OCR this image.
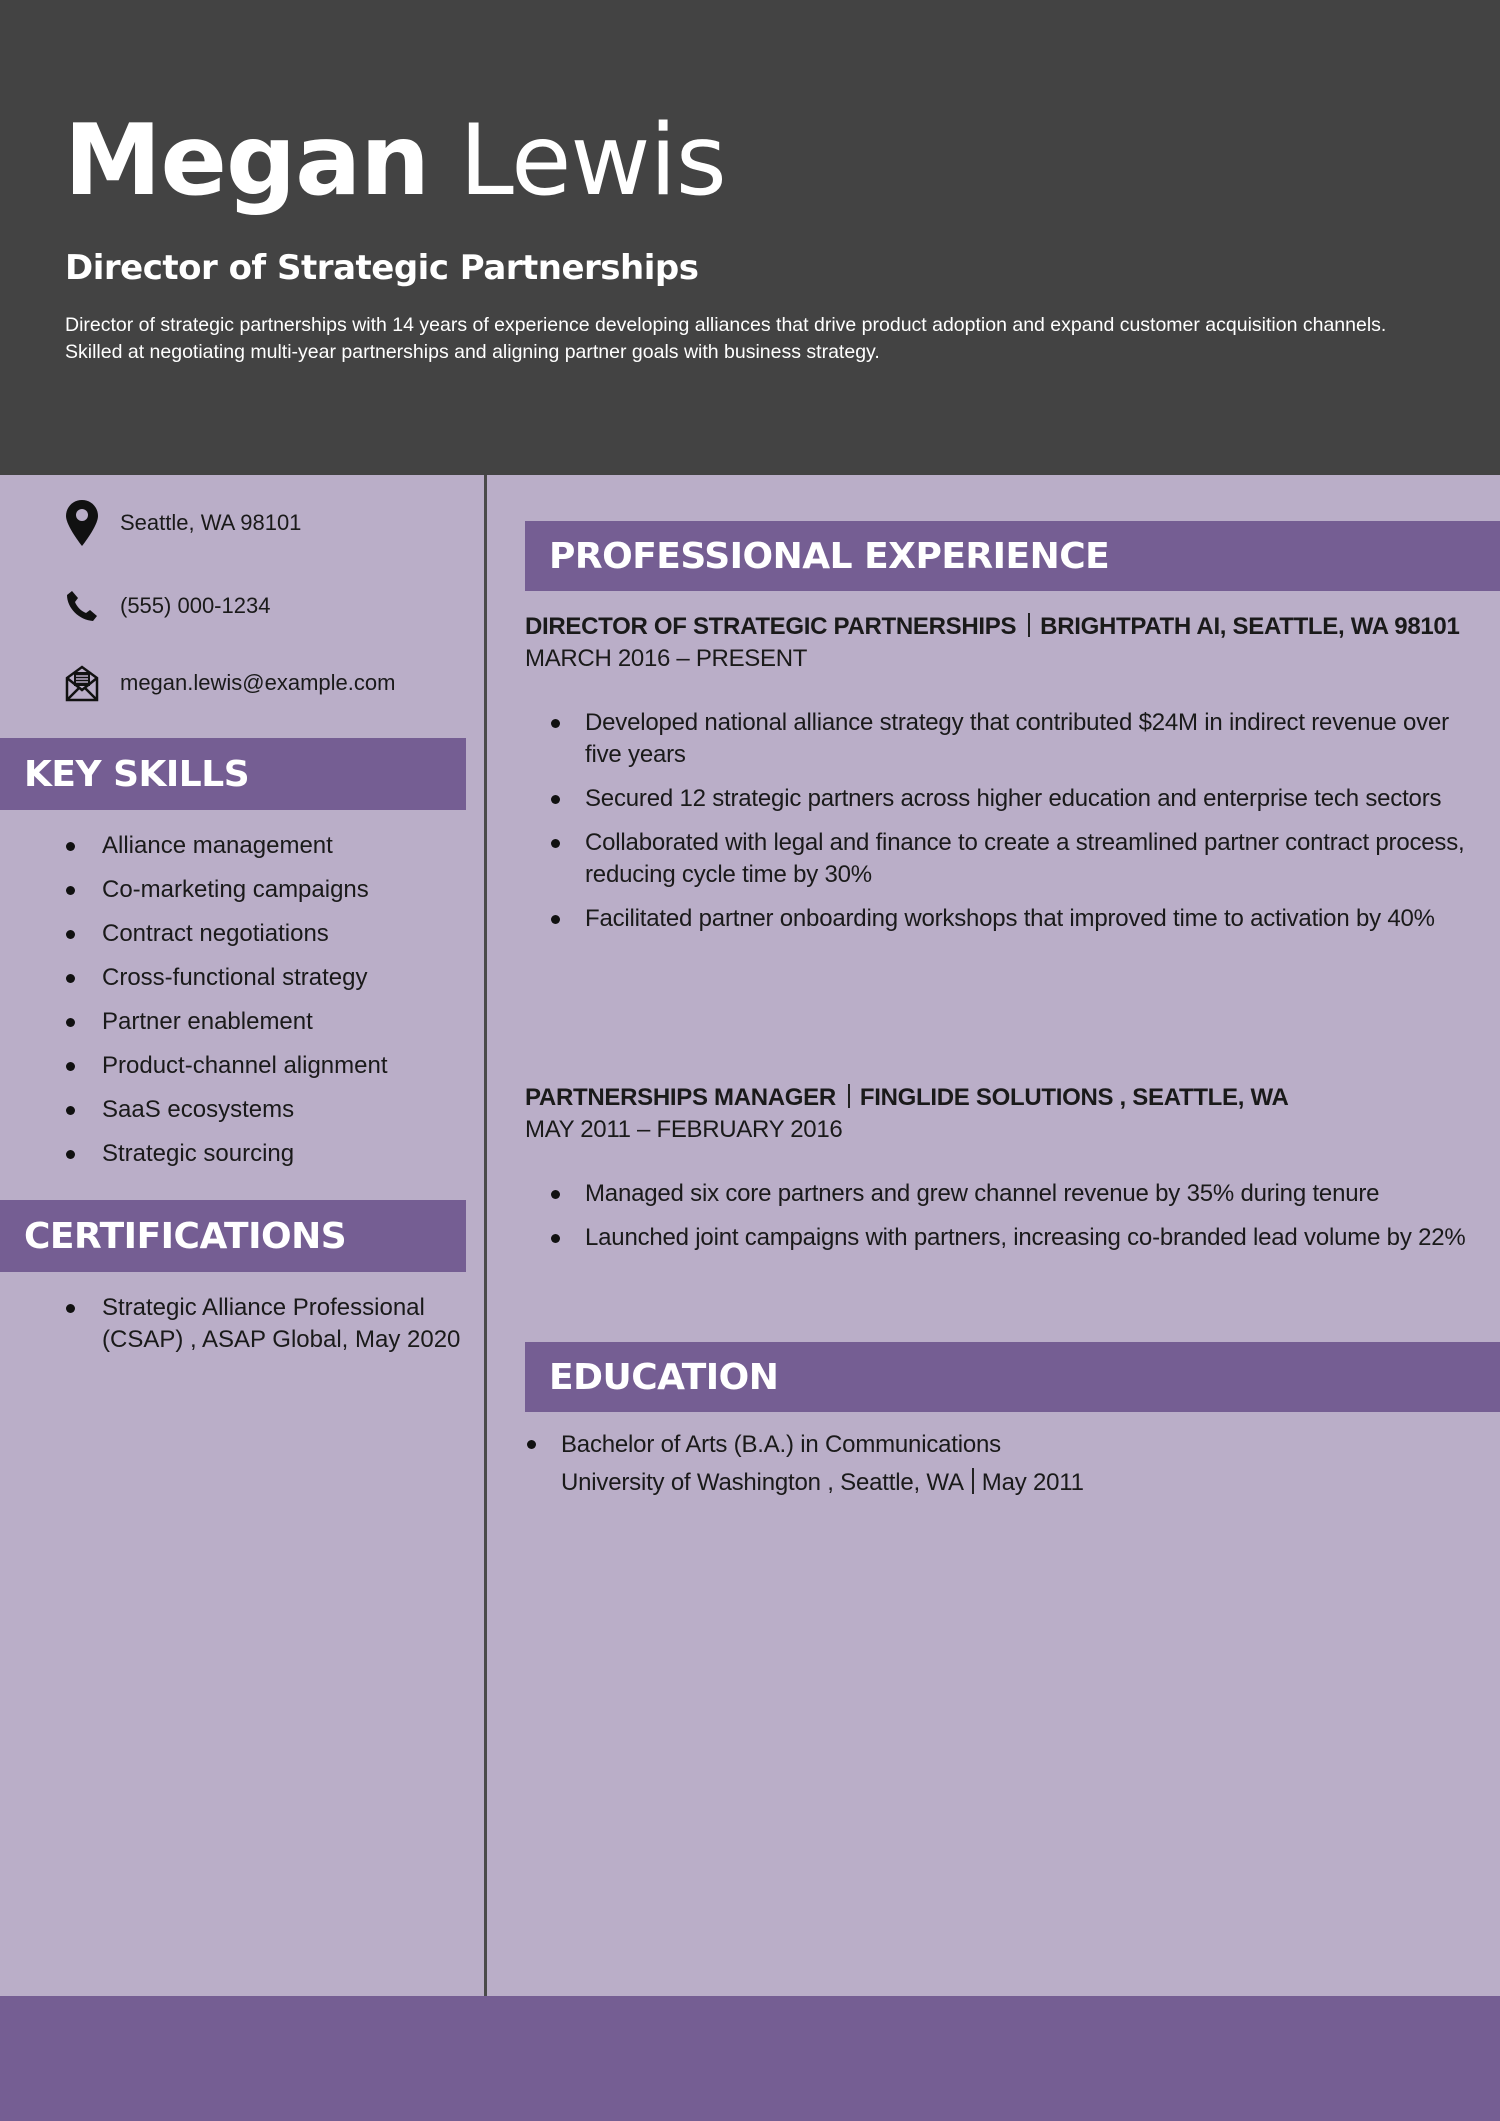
Megan Lewis
Director of Strategic Partnerships
Director of strategic partnerships with 14 years of experience developing alliances that drive product adoption and expand customer acquisition channels. Skilled at negotiating multi-year partnerships and aligning partner goals with business strategy.
Seattle, WA 98101
(555) 000-1234
megan.lewis@example.com
KEY SKILLS
Alliance management
Co-marketing campaigns
Contract negotiations
Cross-functional strategy
Partner enablement
Product-channel alignment
SaaS ecosystems
Strategic sourcing
CERTIFICATIONS
Strategic Alliance Professional (CSAP) , ASAP Global, May 2020
PROFESSIONAL EXPERIENCE
DIRECTOR OF STRATEGIC PARTNERSHIPS BRIGHTPATH AI, SEATTLE, WA 98101
MARCH 2016 – PRESENT
Developed national alliance strategy that contributed $24M in indirect revenue over five years
Secured 12 strategic partners across higher education and enterprise tech sectors
Collaborated with legal and finance to create a streamlined partner contract process, reducing cycle time by 30%
Facilitated partner onboarding workshops that improved time to activation by 40%
PARTNERSHIPS MANAGER FINGLIDE SOLUTIONS , SEATTLE, WA
MAY 2011 – FEBRUARY 2016
Managed six core partners and grew channel revenue by 35% during tenure
Launched joint campaigns with partners, increasing co-branded lead volume by 22%
EDUCATION
Bachelor of Arts (B.A.) in Communications
University of Washington , Seattle, WA May 2011
